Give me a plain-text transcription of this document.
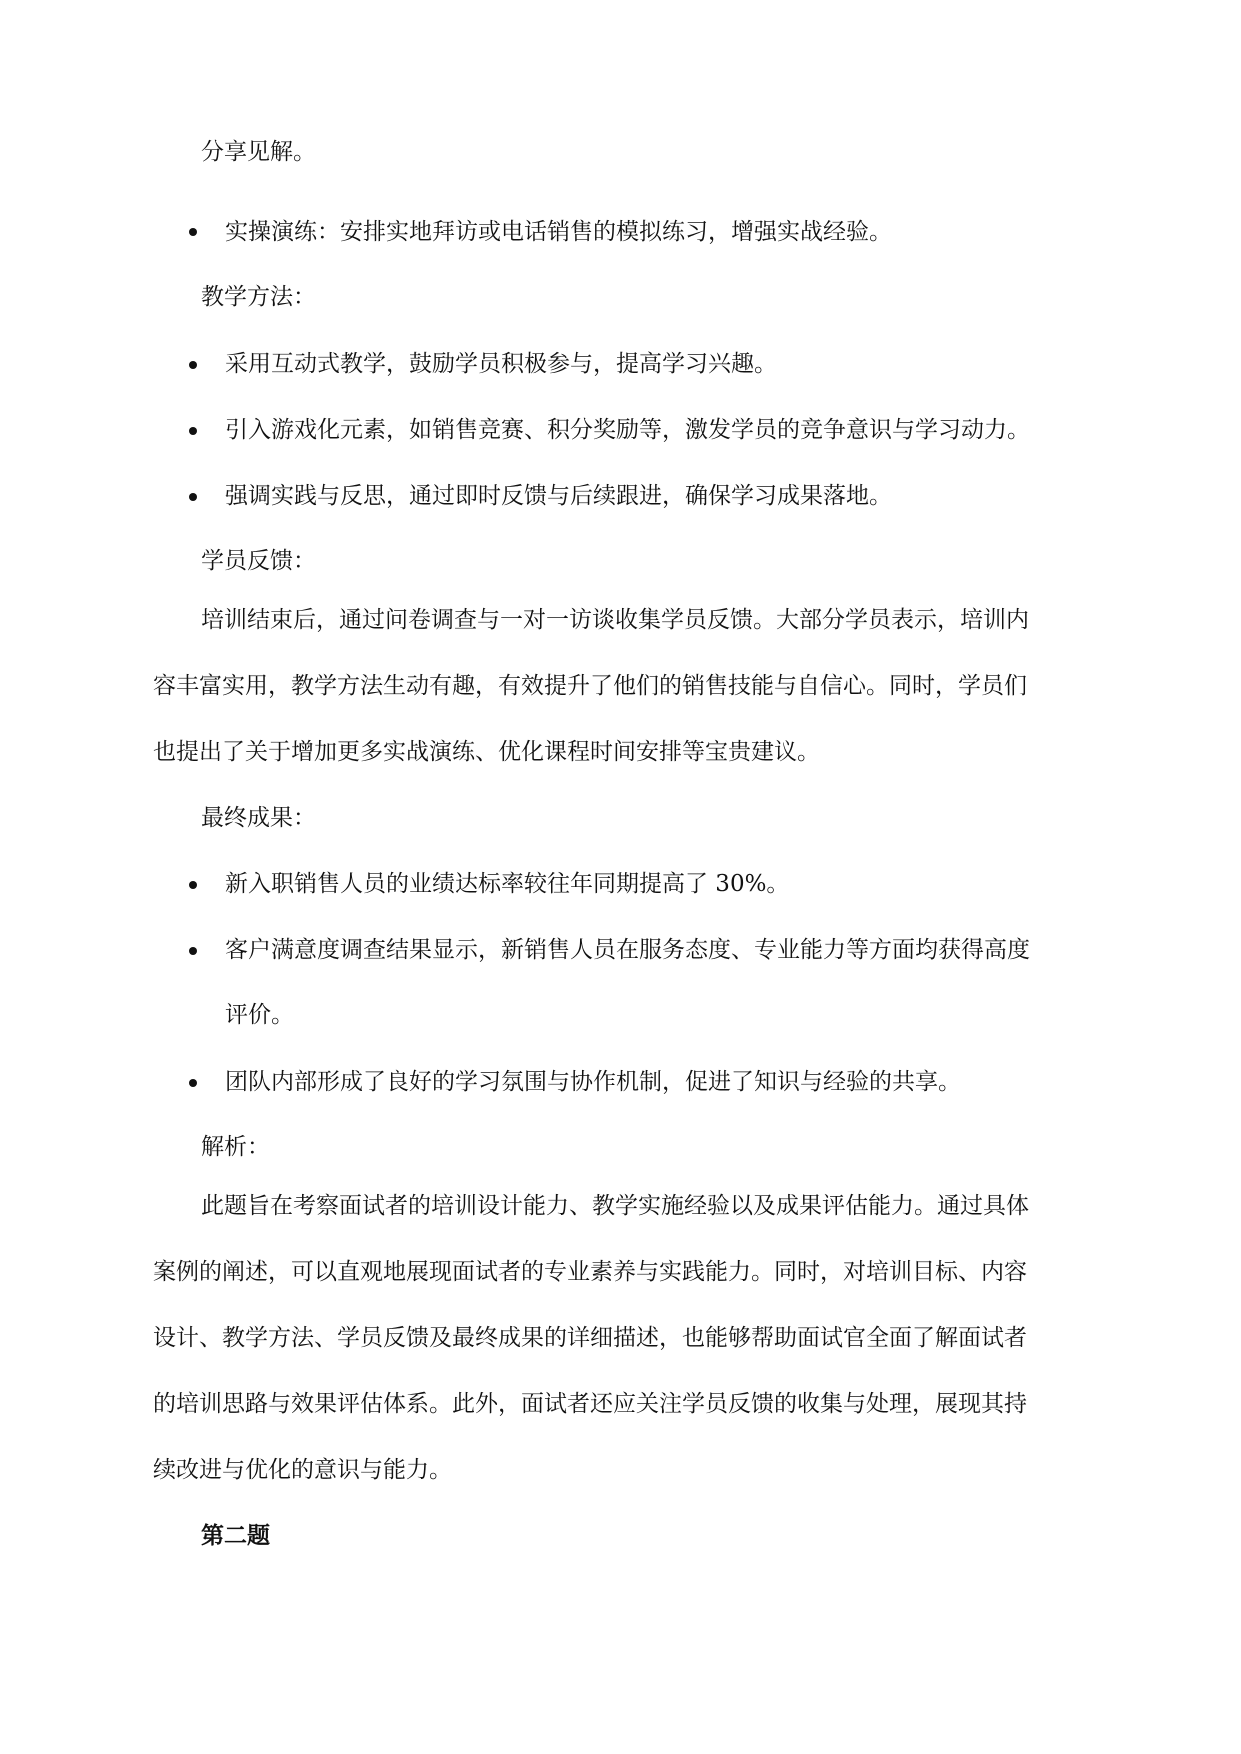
分享见解。
实操演练：安排实地拜访或电话销售的模拟练习，增强实战经验。
教学方法：
采用互动式教学，鼓励学员积极参与，提高学习兴趣。
引入游戏化元素，如销售竞赛、积分奖励等，激发学员的竞争意识与学习动力。
强调实践与反思，通过即时反馈与后续跟进，确保学习成果落地。
学员反馈：
培训结束后，通过问卷调查与一对一访谈收集学员反馈。大部分学员表示，培训内
容丰富实用，教学方法生动有趣，有效提升了他们的销售技能与自信心。同时，学员们
也提出了关于增加更多实战演练、优化课程时间安排等宝贵建议。
最终成果：
新入职销售人员的业绩达标率较往年同期提高了 30%。
客户满意度调查结果显示，新销售人员在服务态度、专业能力等方面均获得高度
评价。
团队内部形成了良好的学习氛围与协作机制，促进了知识与经验的共享。
解析：
此题旨在考察面试者的培训设计能力、教学实施经验以及成果评估能力。通过具体
案例的阐述，可以直观地展现面试者的专业素养与实践能力。同时，对培训目标、内容
设计、教学方法、学员反馈及最终成果的详细描述，也能够帮助面试官全面了解面试者
的培训思路与效果评估体系。此外，面试者还应关注学员反馈的收集与处理，展现其持
续改进与优化的意识与能力。
第二题
